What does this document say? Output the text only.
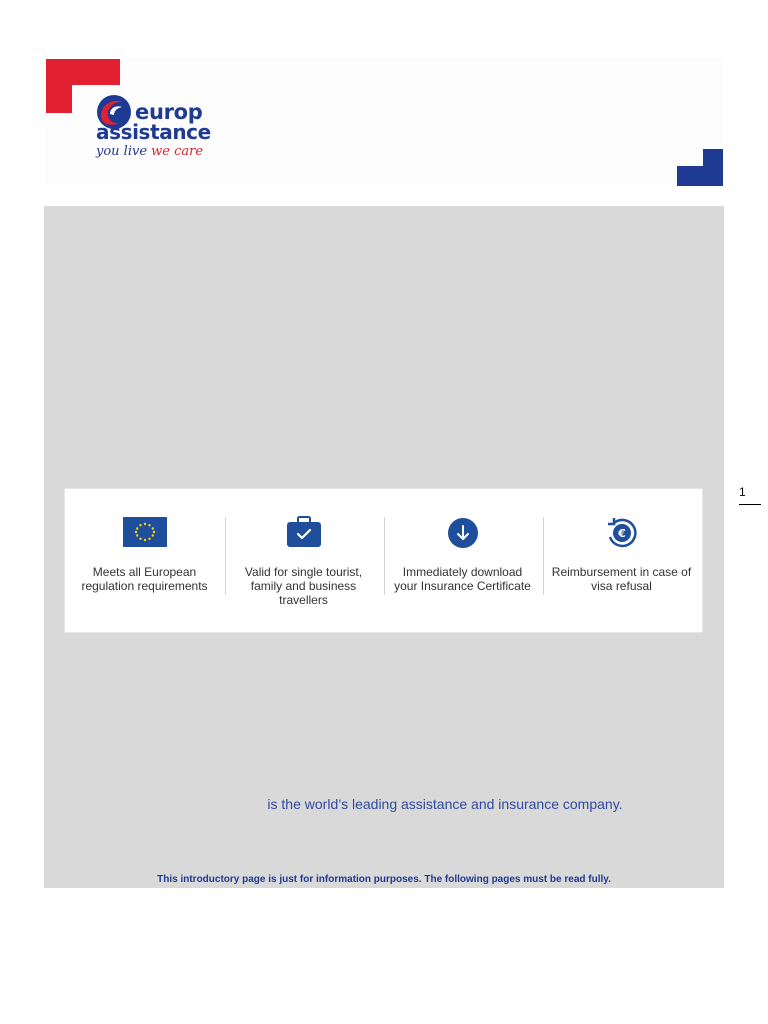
europ
assistance
you live we care
Meets all European regulation requirements
Valid for single tourist, family and business travellers
Immediately download your Insurance Certificate
€
Reimbursement in case of visa refusal
is the world’s leading assistance and insurance company.
This introductory page is just for information purposes. The following pages must be read fully.
1
